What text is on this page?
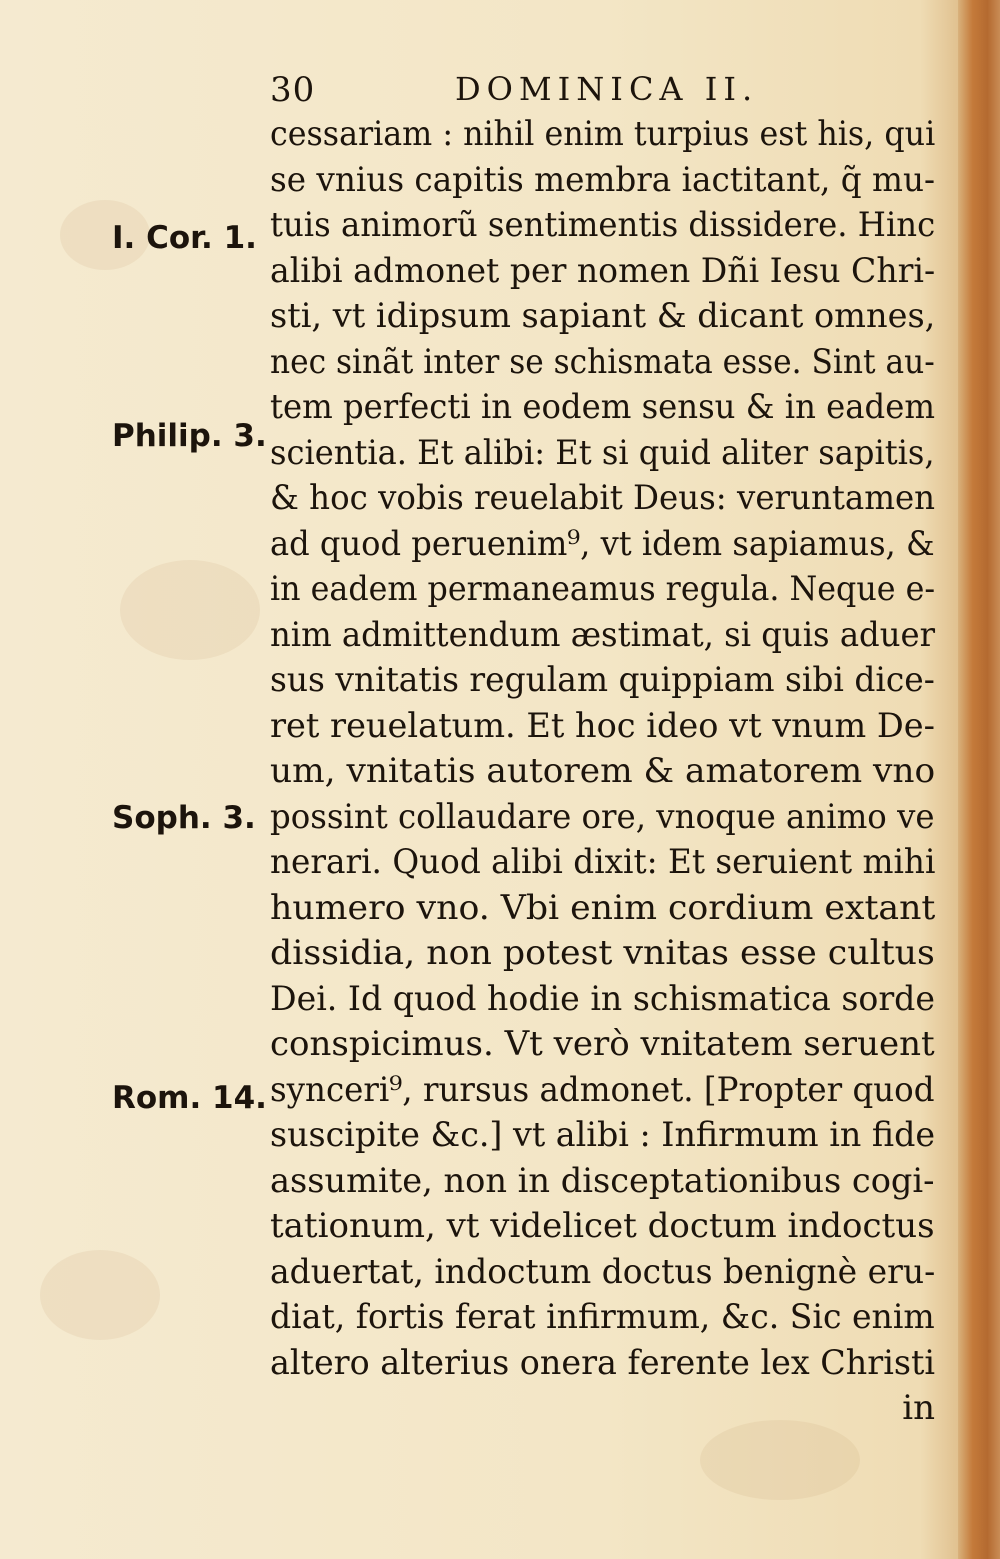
30	DOMINICA II.
I. Cor. 1.
Philip. 3.
Soph. 3.
Rom. 14.
cessariam : nihil enim turpius est his, qui
se vnius capitis membra iactitant, q̃ mu-
tuis animorũ sentimentis dissidere. Hinc
alibi admonet per nomen Dñi Iesu Chri-
sti, vt idipsum sapiant & dicant omnes,
nec sinãt inter se schismata esse. Sint au-
tem perfecti in eodem sensu & in eadem
scientia. Et alibi: Et si quid aliter sapitis,
& hoc vobis reuelabit Deus: veruntamen
ad quod peruenim⁹, vt idem sapiamus, &
in eadem permaneamus regula. Neque e-
nim admittendum æstimat, si quis aduer
sus vnitatis regulam quippiam sibi dice-
ret reuelatum. Et hoc ideo vt vnum De-
um, vnitatis autorem & amatorem vno
possint collaudare ore, vnoque animo ve
nerari. Quod alibi dixit: Et seruient mihi
humero vno. Vbi enim cordium extant
dissidia, non potest vnitas esse cultus
Dei. Id quod hodie in schismatica sorde
conspicimus. Vt verò vnitatem seruent
synceri⁹, rursus admonet. [Propter quod
suscipite &c.] vt alibi : Infirmum in fide
assumite, non in disceptationibus cogi-
tationum, vt videlicet doctum indoctus
aduertat, indoctum doctus benignè eru-
diat, fortis ferat infirmum, &c. Sic enim
altero alterius onera ferente lex Christi
in
